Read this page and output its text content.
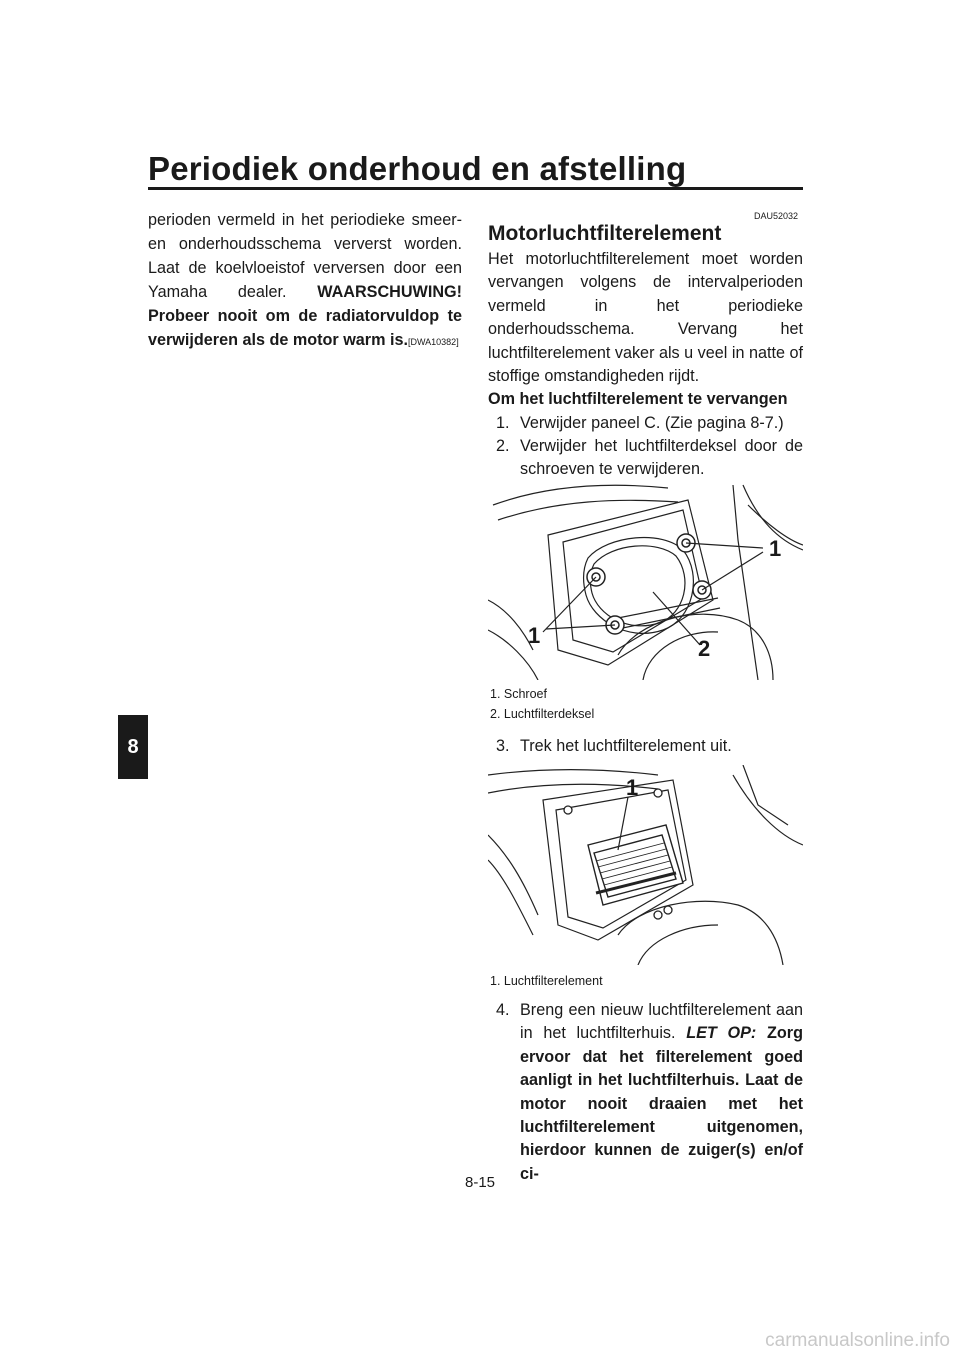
Periodiek onderhoud en afstelling
8
perioden vermeld in het periodieke smeer- en onderhoudsschema ververst worden. Laat de koelvloeistof verversen door een Yamaha dealer. WAARSCHUWING! Probeer nooit om de radiatorvuldop te verwijderen als de motor warm is.[DWA10382]
DAU52032
Motorluchtfilterelement
Het motorluchtfilterelement moet worden vervangen volgens de intervalperioden vermeld in het periodieke onderhoudsschema. Vervang het luchtfilterelement vaker als u veel in natte of stoffige omstandigheden rijdt.
Om het luchtfilterelement te vervangen
1. Verwijder paneel C. (Zie pagina 8-7.)
2. Verwijder het luchtfilterdeksel door de schroeven te verwijderen.
1
1
2
1. Schroef
2. Luchtfilterdeksel
3. Trek het luchtfilterelement uit.
1
1. Luchtfilterelement
4. Breng een nieuw luchtfilterelement aan in het luchtfilterhuis. LET OP: Zorg ervoor dat het filterelement goed aanligt in het luchtfilterhuis. Laat de motor nooit draaien met het luchtfilterelement uitgenomen, hierdoor kunnen de zuiger(s) en/of ci-
8-15
carmanualsonline.info
